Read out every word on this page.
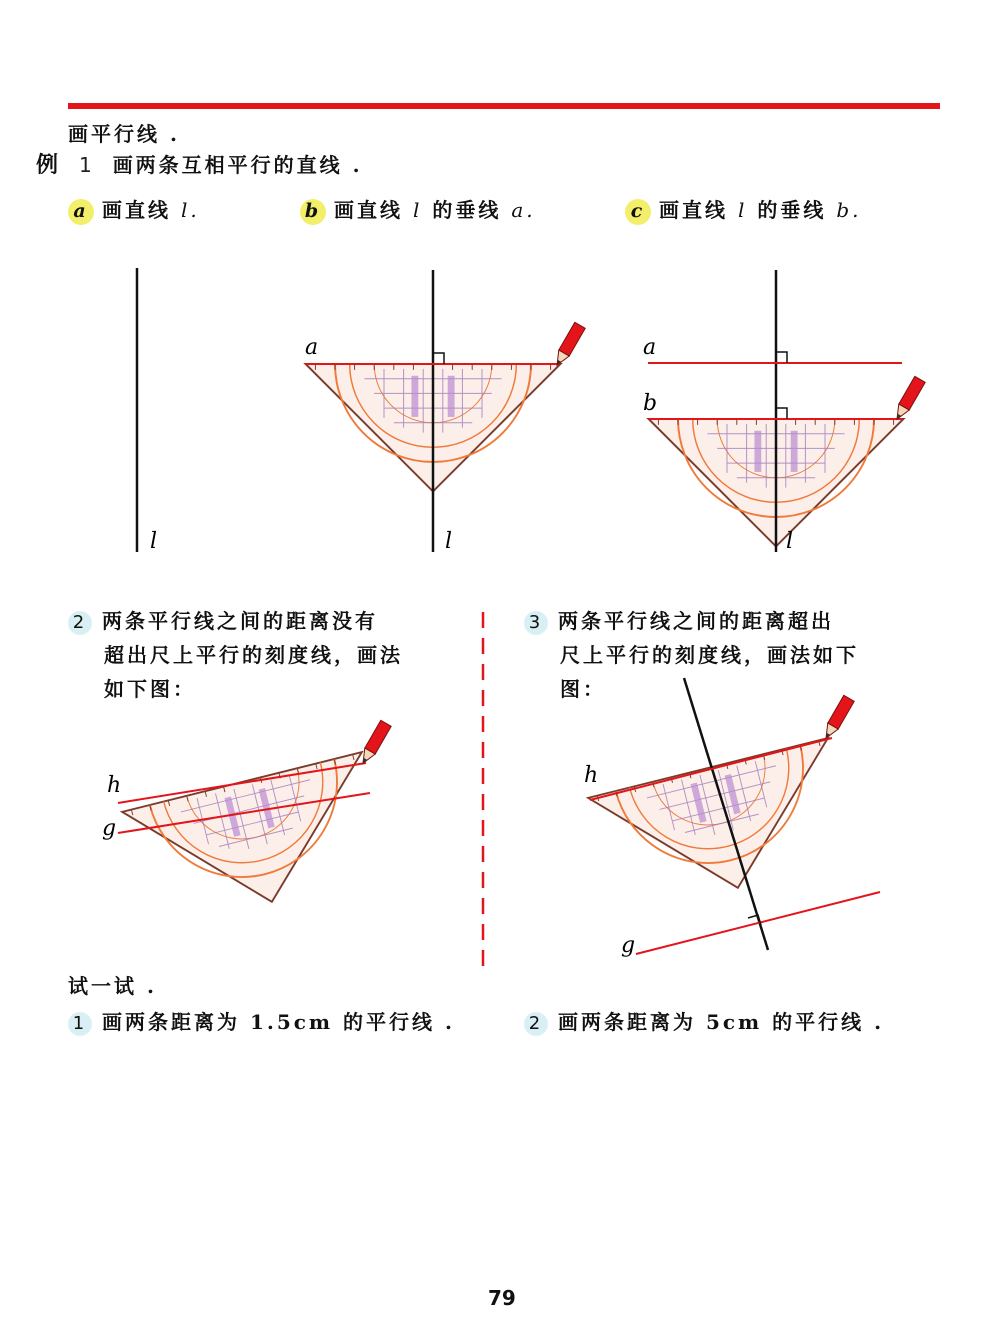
画平行线 .
例 1 画两条互相平行的直线 .
a 画直线 l.	b 画直线 l 的垂线 a.	c 画直线 l 的垂线 b.
l
a
l
a
b
l
h
g
h
g
2 两条平行线之间的距离没有
超出尺上平行的刻度线，画法
如下图：
3 两条平行线之间的距离超出
尺上平行的刻度线，画法如下
图：
试一试 .
1 画两条距离为 1.5cm 的平行线 .	2 画两条距离为 5cm 的平行线 .
79
